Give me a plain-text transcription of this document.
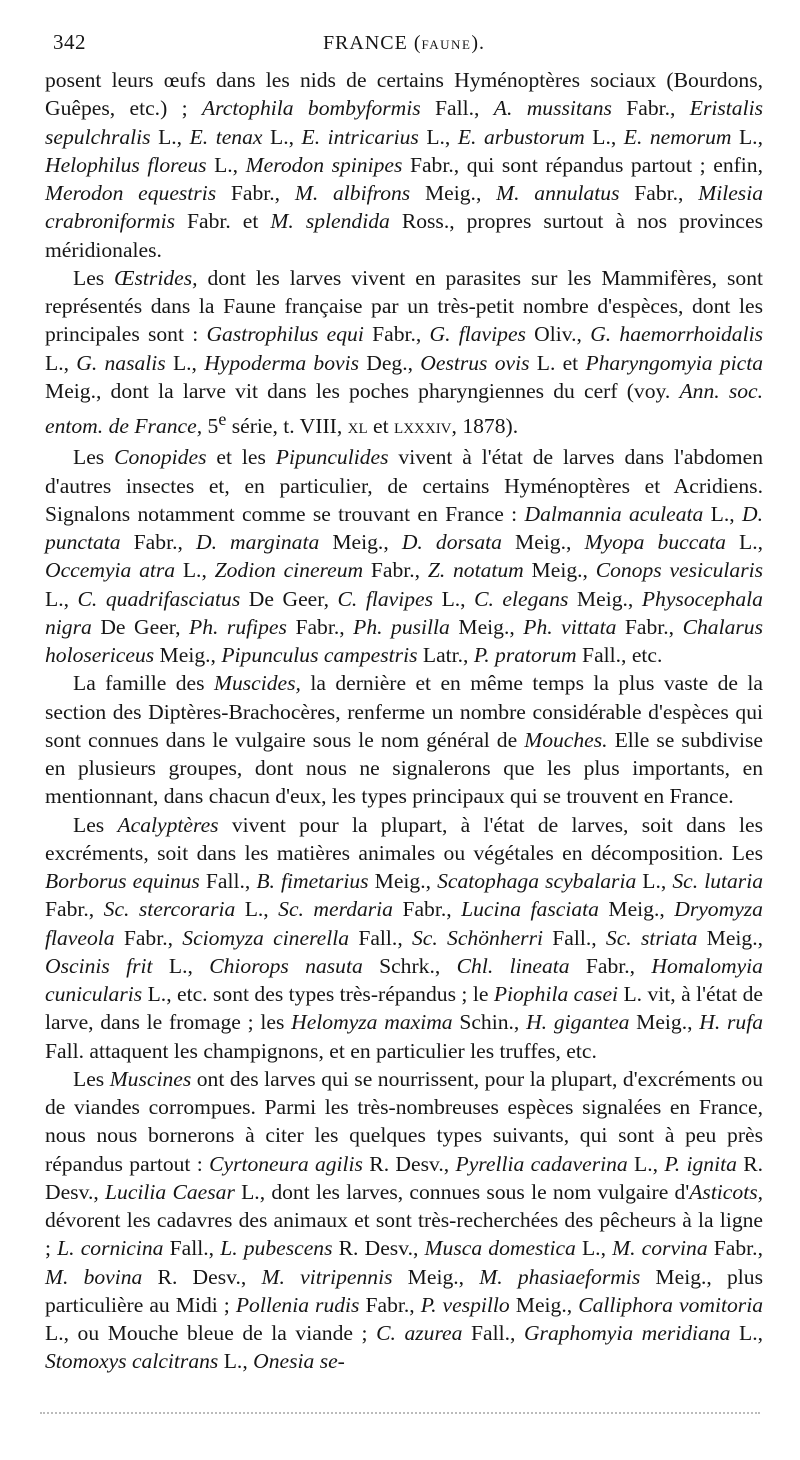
342	FRANCE (FAUNE).

posent leurs œufs dans les nids de certains Hyménoptères sociaux (Bourdons, Guêpes, etc.) ; Arctophila bombyformis Fall., A. mussitans Fabr., Eristalis sepulchralis L., E. tenax L., E. intricarius L., E. arbustorum L., E. nemorum L., Helophilus floreus L., Merodon spinipes Fabr., qui sont répandus partout ; enfin, Merodon equestris Fabr., M. albifrons Meig., M. annulatus Fabr., Milesia crabroniformis Fabr. et M. splendida Ross., propres surtout à nos provinces méridionales.

Les Œstrides, dont les larves vivent en parasites sur les Mammifères, sont représentés dans la Faune française par un très-petit nombre d'espèces, dont les principales sont : Gastrophilus equi Fabr., G. flavipes Oliv., G. haemorrhoidalis L., G. nasalis L., Hypoderma bovis Deg., Oestrus ovis L. et Pharyngomyia picta Meig., dont la larve vit dans les poches pharyngiennes du cerf (voy. Ann. soc. entom. de France, 5e série, t. VIII, XL et LXXXIV, 1878).

Les Conopides et les Pipunculides vivent à l'état de larves dans l'abdomen d'autres insectes et, en particulier, de certains Hyménoptères et Acridiens. Signalons notamment comme se trouvant en France : Dalmannia aculeata L., D. punctata Fabr., D. marginata Meig., D. dorsata Meig., Myopa buccata L., Occemyia atra L., Zodion cinereum Fabr., Z. notatum Meig., Conops vesicularis L., C. quadrifasciatus De Geer, C. flavipes L., C. elegans Meig., Physocephala nigra De Geer, Ph. rufipes Fabr., Ph. pusilla Meig., Ph. vittata Fabr., Chalarus holosericeus Meig., Pipunculus campestris Latr., P. pratorum Fall., etc.

La famille des Muscides, la dernière et en même temps la plus vaste de la section des Diptères-Brachocères, renferme un nombre considérable d'espèces qui sont connues dans le vulgaire sous le nom général de Mouches. Elle se subdivise en plusieurs groupes, dont nous ne signalerons que les plus importants, en mentionnant, dans chacun d'eux, les types principaux qui se trouvent en France.

Les Acalyptères vivent pour la plupart, à l'état de larves, soit dans les excréments, soit dans les matières animales ou végétales en décomposition. Les Borborus equinus Fall., B. fimetarius Meig., Scatophaga scybalaria L., Sc. lutaria Fabr., Sc. stercoraria L., Sc. merdaria Fabr., Lucina fasciata Meig., Dryomyza flaveola Fabr., Sciomyza cinerella Fall., Sc. Schönherri Fall., Sc. striata Meig., Oscinis frit L., Chiorops nasuta Schrk., Chl. lineata Fabr., Homalomyia cunicularis L., etc. sont des types très-répandus ; le Piophila casei L. vit, à l'état de larve, dans le fromage ; les Helomyza maxima Schin., H. gigantea Meig., H. rufa Fall. attaquent les champignons, et en particulier les truffes, etc.

Les Muscines ont des larves qui se nourrissent, pour la plupart, d'excréments ou de viandes corrompues. Parmi les très-nombreuses espèces signalées en France, nous nous bornerons à citer les quelques types suivants, qui sont à peu près répandus partout : Cyrtoneura agilis R. Desv., Pyrellia cadaverina L., P. ignita R. Desv., Lucilia Caesar L., dont les larves, connues sous le nom vulgaire d'Asticots, dévorent les cadavres des animaux et sont très-recherchées des pêcheurs à la ligne ; L. cornicina Fall., L. pubescens R. Desv., Musca domestica L., M. corvina Fabr., M. bovina R. Desv., M. vitripennis Meig., M. phasiaeformis Meig., plus particulière au Midi ; Pollenia rudis Fabr., P. vespillo Meig., Calliphora vomitoria L., ou Mouche bleue de la viande ; C. azurea Fall., Graphomyia meridiana L., Stomoxys calcitrans L., Onesia se-
